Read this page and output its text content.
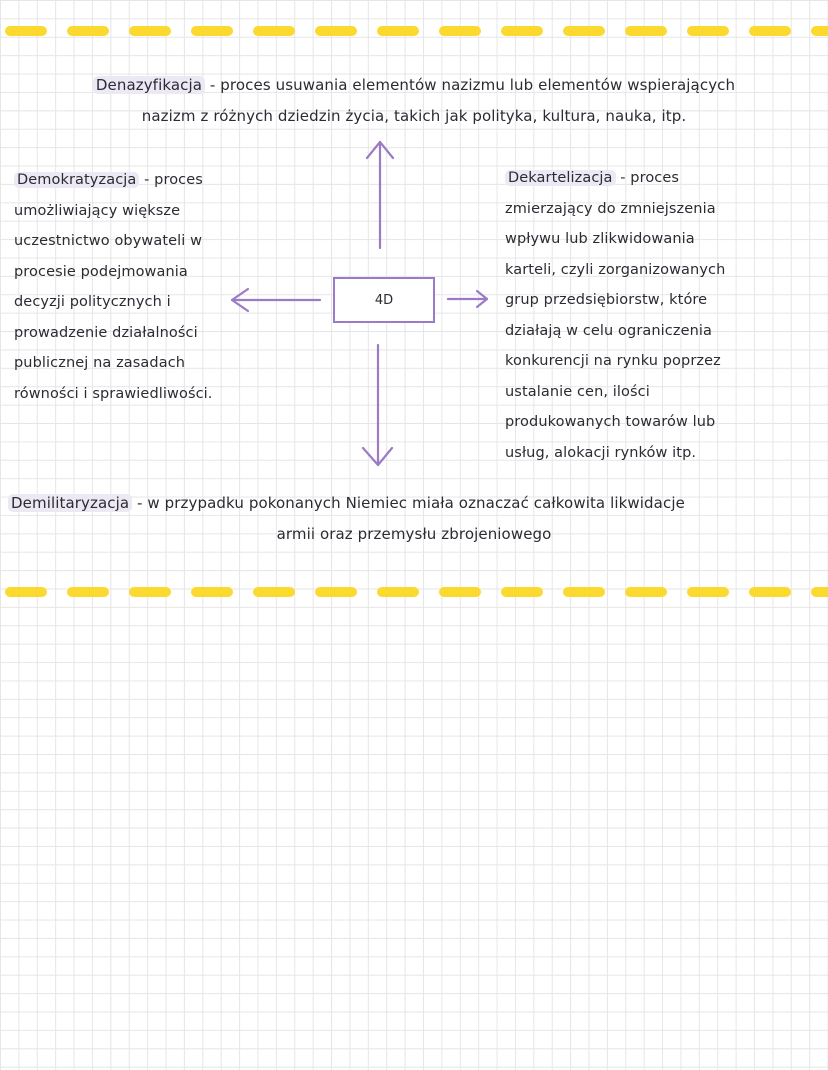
Denazyfikacja - proces usuwania elementów nazizmu lub elementów wspierających
nazizm z różnych dziedzin życia, takich jak polityka, kultura, nauka, itp.
Demokratyzacja - proces
umożliwiający większe
uczestnictwo obywateli w
procesie podejmowania
decyzji politycznych i
prowadzenie działalności
publicznej na zasadach
równości i sprawiedliwości.
Dekartelizacja - proces
zmierzający do zmniejszenia
wpływu lub zlikwidowania
karteli, czyli zorganizowanych
grup przedsiębiorstw, które
działają w celu ograniczenia
konkurencji na rynku poprzez
ustalanie cen, ilości
produkowanych towarów lub
usług, alokacji rynków itp.
4D
Demilitaryzacja - w przypadku pokonanych Niemiec miała oznaczać całkowita likwidacje
armii oraz przemysłu zbrojeniowego
